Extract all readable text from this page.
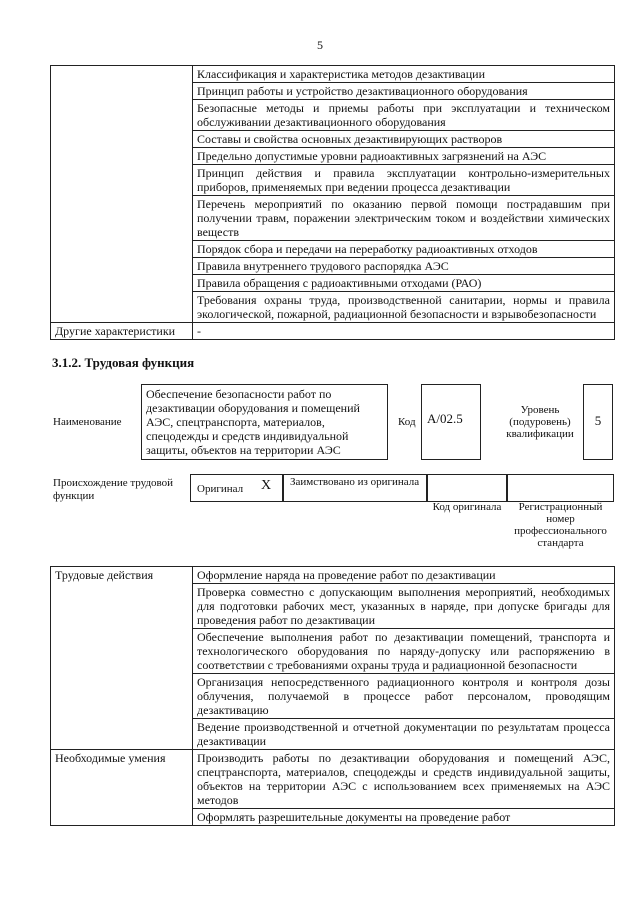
5
	Классификация и характеристика методов дезактивации
	Принцип работы и устройство дезактивационного оборудования
	Безопасные методы и приемы работы при эксплуатации и техническом обслуживании дезактивационного оборудования
	Составы и свойства основных дезактивирующих растворов
	Предельно допустимые уровни радиоактивных загрязнений на АЭС
	Принцип действия и правила эксплуатации контрольно-измерительных приборов, применяемых при ведении процесса дезактивации
	Перечень мероприятий по оказанию первой помощи пострадавшим при получении травм, поражении электрическим током и воздействии химических веществ
	Порядок сбора и передачи на переработку радиоактивных отходов
	Правила внутреннего трудового распорядка АЭС
	Правила обращения с радиоактивными отходами (РАО)
	Требования охраны труда, производственной санитарии, нормы и правила экологической, пожарной, радиационной безопасности и взрывобезопасности
Другие характеристики	-
3.1.2. Трудовая функция
Наименование
Обеспечение безопасности работ по дезактивации оборудования и помещений АЭС, спецтранспорта, материалов, спецодежды и средств индивидуальной защиты, объектов на территории АЭС
Код А/02.5
Уровень (подуровень) квалификации
5
Происхождение трудовой функции
Оригинал X	Заимствовано из оригинала
Код оригинала	Регистрационный номер профессионального стандарта
Трудовые действия	Оформление наряда на проведение работ по дезактивации
	Проверка совместно с допускающим выполнения мероприятий, необходимых для подготовки рабочих мест, указанных в наряде, при допуске бригады для проведения работ по дезактивации
	Обеспечение выполнения работ по дезактивации помещений, транспорта и технологического оборудования по наряду-допуску или распоряжению в соответствии с требованиями охраны труда и радиационной безопасности
	Организация непосредственного радиационного контроля и контроля дозы облучения, получаемой в процессе работ персоналом, проводящим дезактивацию
	Ведение производственной и отчетной документации по результатам процесса дезактивации
Необходимые умения	Производить работы по дезактивации оборудования и помещений АЭС, спецтранспорта, материалов, спецодежды и средств индивидуальной защиты, объектов на территории АЭС с использованием всех применяемых на АЭС методов
	Оформлять разрешительные документы на проведение работ
